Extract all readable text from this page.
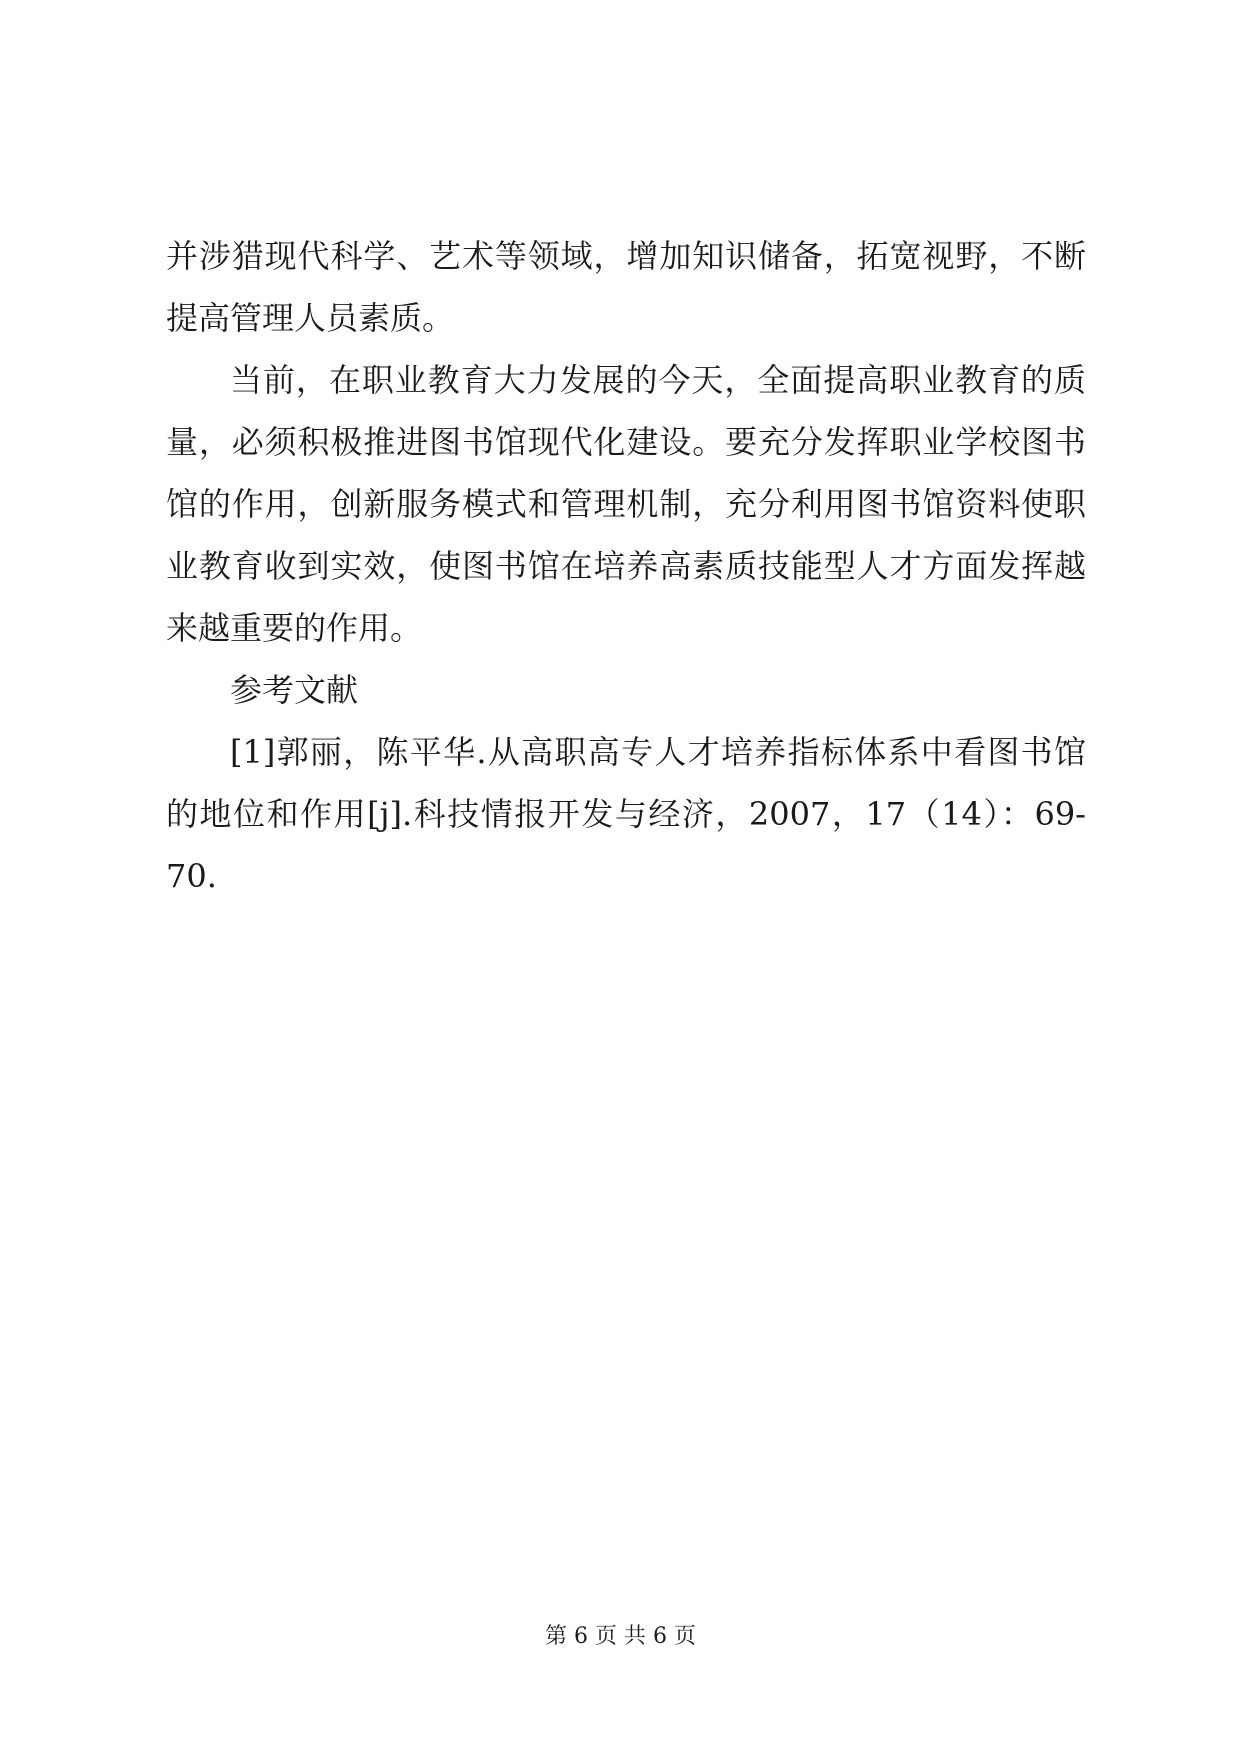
并涉猎现代科学、艺术等领域，增加知识储备，拓宽视野，不断
提高管理人员素质。
当前，在职业教育大力发展的今天，全面提高职业教育的质
量，必须积极推进图书馆现代化建设。要充分发挥职业学校图书
馆的作用，创新服务模式和管理机制，充分利用图书馆资料使职
业教育收到实效，使图书馆在培养高素质技能型人才方面发挥越
来越重要的作用。
参考文献
[1]郭丽，陈平华.从高职高专人才培养指标体系中看图书馆
的地位和作用[j].科技情报开发与经济，2007，17（14）：69-
70.
第 6 页 共 6 页
